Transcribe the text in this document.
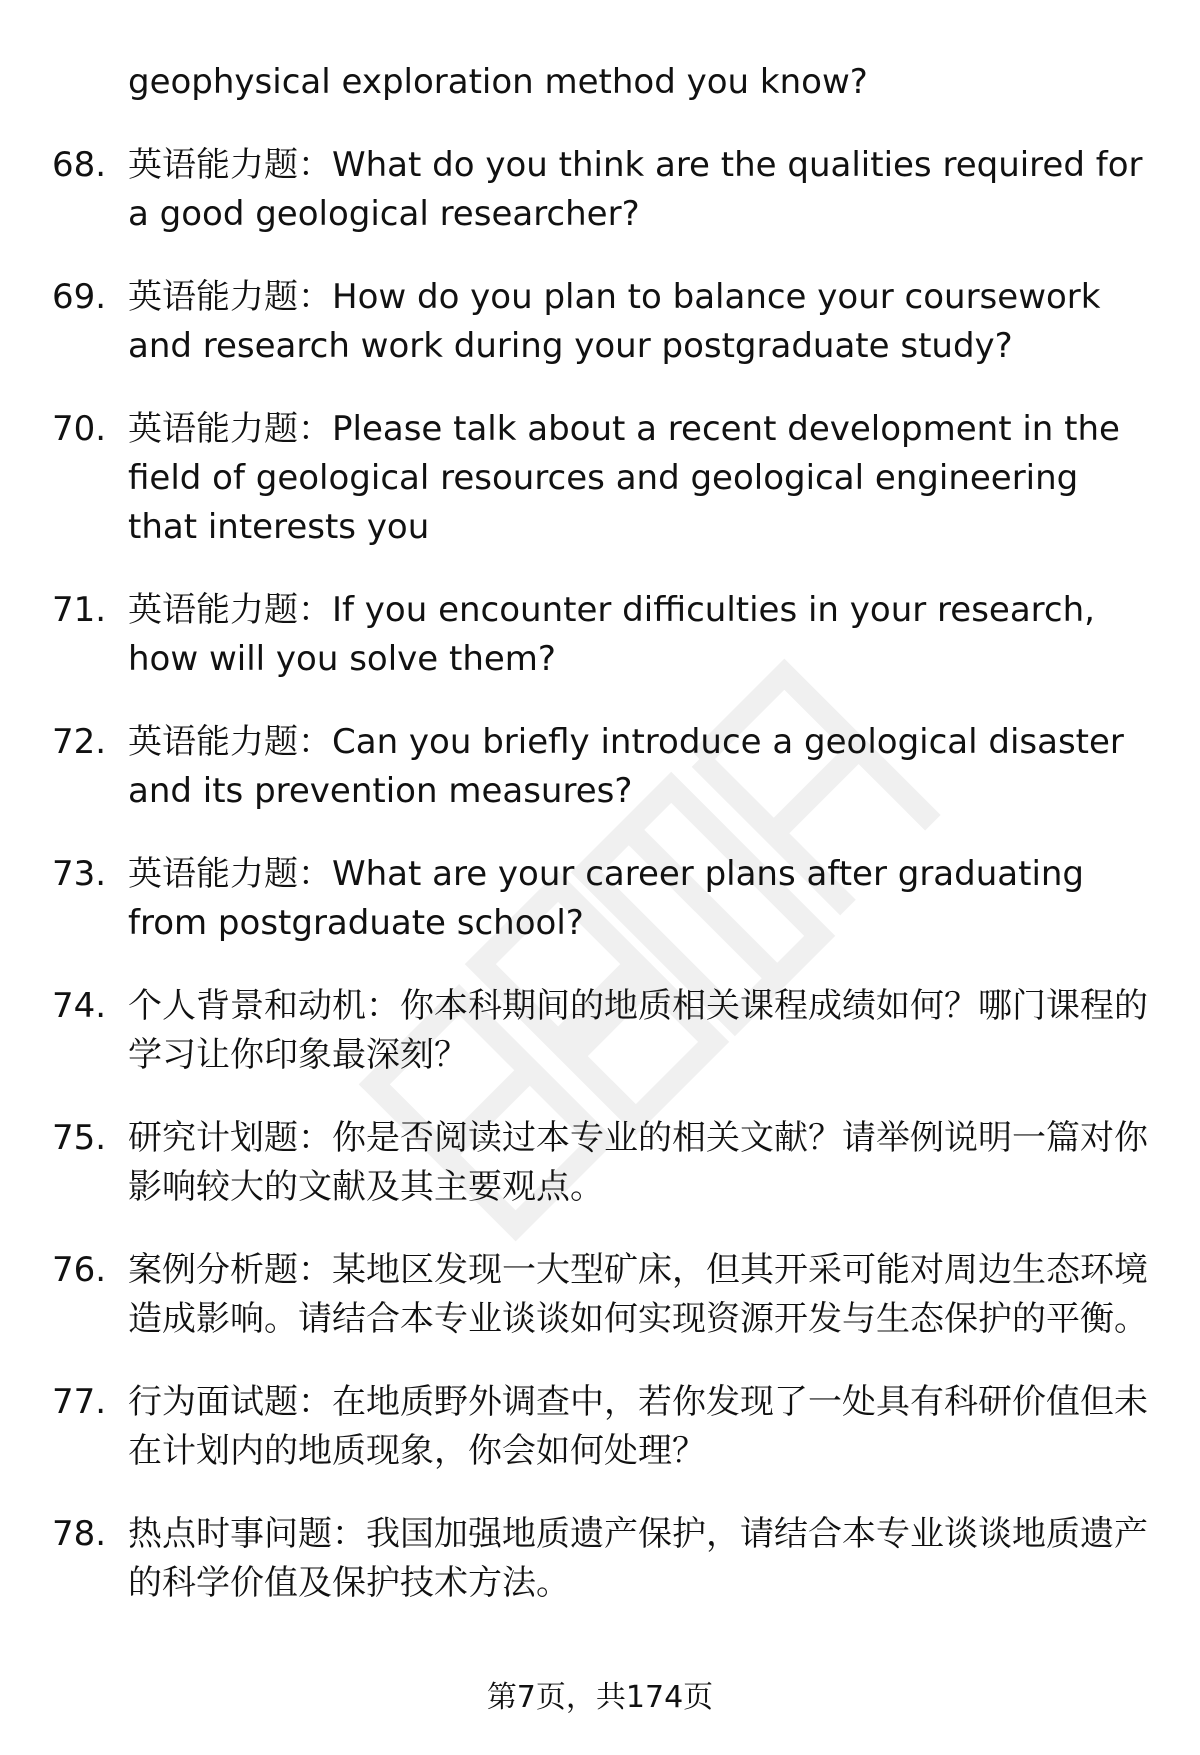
geophysical exploration method you know?
68. 英语能力题：What do you think are the qualities required for a good geological researcher?
69. 英语能力题：How do you plan to balance your coursework and research work during your postgraduate study?
70. 英语能力题：Please talk about a recent development in the field of geological resources and geological engineering that interests you
71. 英语能力题：If you encounter difficulties in your research, how will you solve them?
72. 英语能力题：Can you briefly introduce a geological disaster and its prevention measures?
73. 英语能力题：What are your career plans after graduating from postgraduate school?
74. 个人背景和动机：你本科期间的地质相关课程成绩如何？哪门课程的学习让你印象最深刻？
75. 研究计划题：你是否阅读过本专业的相关文献？请举例说明一篇对你影响较大的文献及其主要观点。
76. 案例分析题：某地区发现一大型矿床，但其开采可能对周边生态环境造成影响。请结合本专业谈谈如何实现资源开发与生态保护的平衡。
77. 行为面试题：在地质野外调查中，若你发现了一处具有科研价值但未在计划内的地质现象，你会如何处理？
78. 热点时事问题：我国加强地质遗产保护，请结合本专业谈谈地质遗产的科学价值及保护技术方法。
第7页，共174页
